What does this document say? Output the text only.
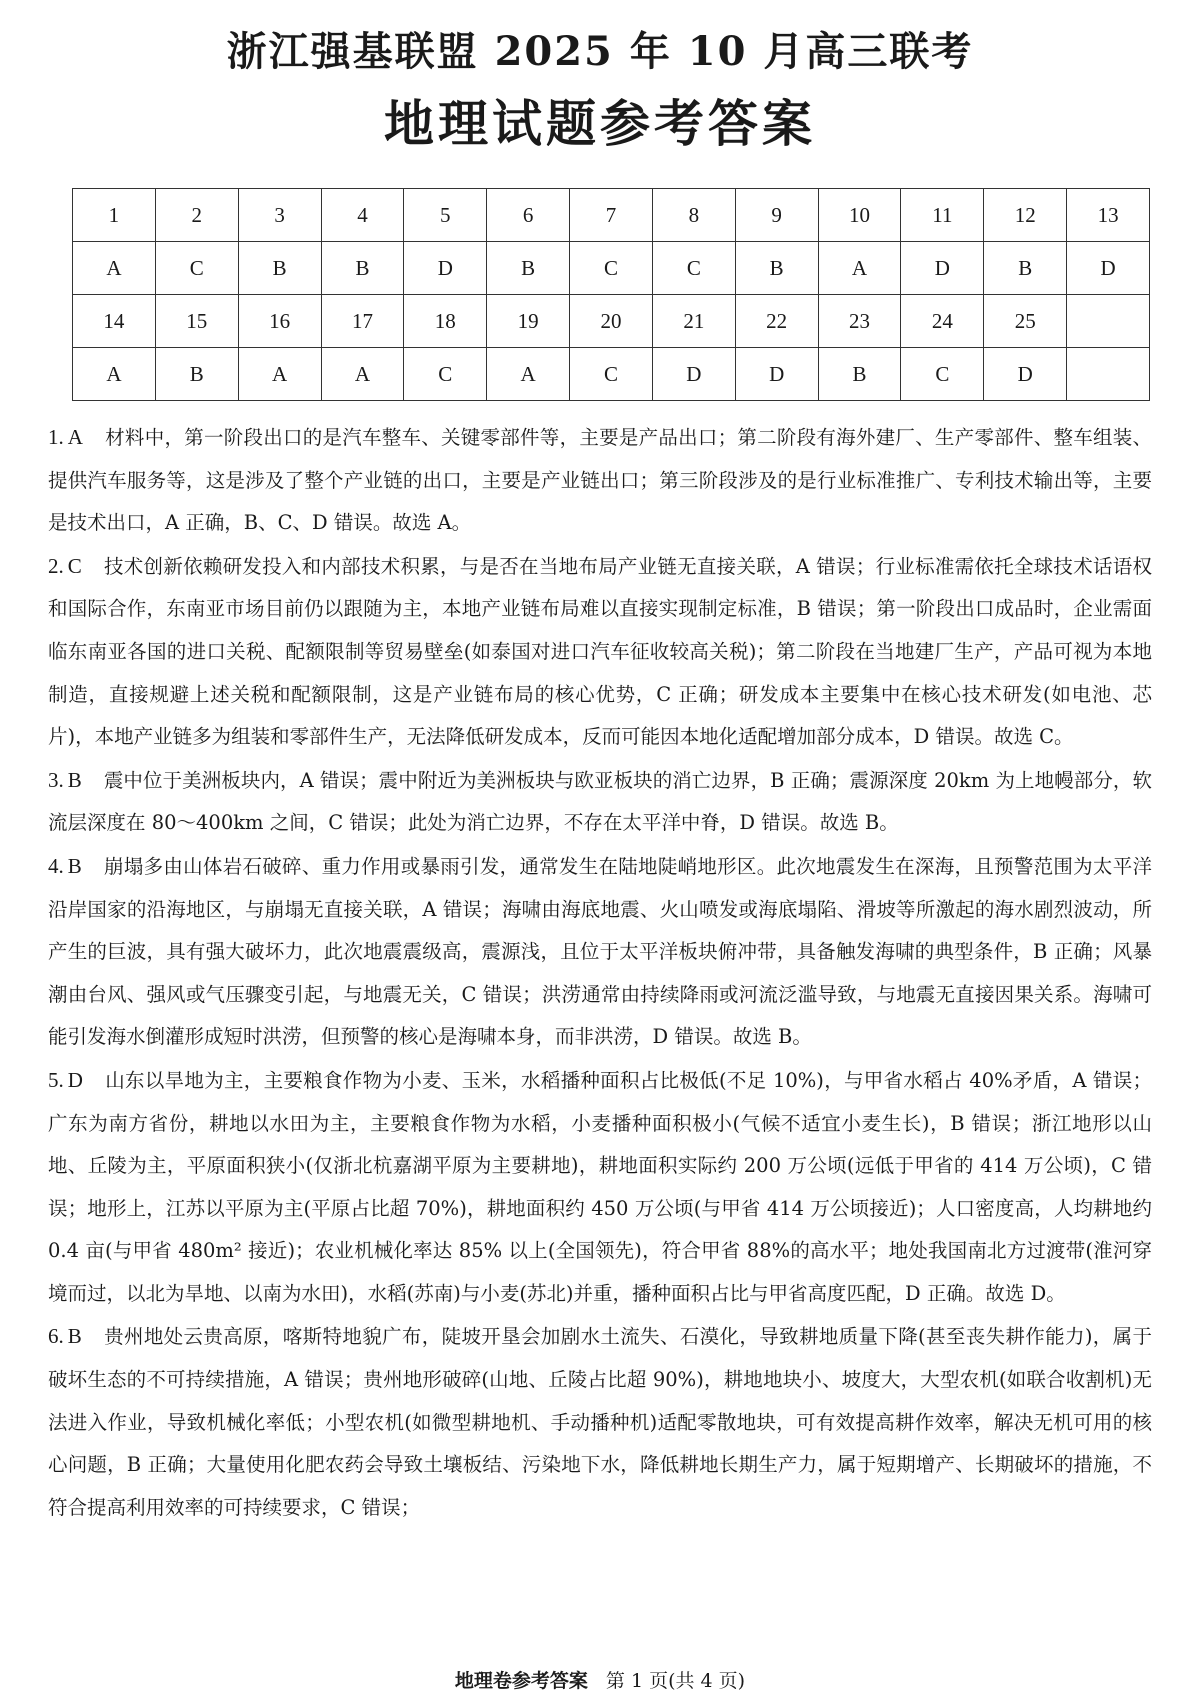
浙江强基联盟 2025 年 10 月高三联考
地理试题参考答案
1	2	3	4	5	6	7	8	9	10	11	12	13
A	C	B	B	D	B	C	C	B	A	D	B	D
14	15	16	17	18	19	20	21	22	23	24	25	
A	B	A	A	C	A	C	D	D	B	C	D	

1. A 材料中，第一阶段出口的是汽车整车、关键零部件等，主要是产品出口；第二阶段有海外建厂、生产零部件、整车组装、提供汽车服务等，这是涉及了整个产业链的出口，主要是产业链出口；第三阶段涉及的是行业标准推广、专利技术输出等，主要是技术出口，A 正确，B、C、D 错误。故选 A。

2. C 技术创新依赖研发投入和内部技术积累，与是否在当地布局产业链无直接关联，A 错误；行业标准需依托全球技术话语权和国际合作，东南亚市场目前仍以跟随为主，本地产业链布局难以直接实现制定标准，B 错误；第一阶段出口成品时，企业需面临东南亚各国的进口关税、配额限制等贸易壁垒(如泰国对进口汽车征收较高关税)；第二阶段在当地建厂生产，产品可视为本地制造，直接规避上述关税和配额限制，这是产业链布局的核心优势，C 正确；研发成本主要集中在核心技术研发(如电池、芯片)，本地产业链多为组装和零部件生产，无法降低研发成本，反而可能因本地化适配增加部分成本，D 错误。故选 C。

3. B 震中位于美洲板块内，A 错误；震中附近为美洲板块与欧亚板块的消亡边界，B 正确；震源深度 20km 为上地幔部分，软流层深度在 80～400km 之间，C 错误；此处为消亡边界，不存在太平洋中脊，D 错误。故选 B。

4. B 崩塌多由山体岩石破碎、重力作用或暴雨引发，通常发生在陆地陡峭地形区。此次地震发生在深海，且预警范围为太平洋沿岸国家的沿海地区，与崩塌无直接关联，A 错误；海啸由海底地震、火山喷发或海底塌陷、滑坡等所激起的海水剧烈波动，所产生的巨波，具有强大破坏力，此次地震震级高，震源浅，且位于太平洋板块俯冲带，具备触发海啸的典型条件，B 正确；风暴潮由台风、强风或气压骤变引起，与地震无关，C 错误；洪涝通常由持续降雨或河流泛滥导致，与地震无直接因果关系。海啸可能引发海水倒灌形成短时洪涝，但预警的核心是海啸本身，而非洪涝，D 错误。故选 B。

5. D 山东以旱地为主，主要粮食作物为小麦、玉米，水稻播种面积占比极低(不足 10%)，与甲省水稻占 40%矛盾，A 错误；广东为南方省份，耕地以水田为主，主要粮食作物为水稻，小麦播种面积极小(气候不适宜小麦生长)，B 错误；浙江地形以山地、丘陵为主，平原面积狭小(仅浙北杭嘉湖平原为主要耕地)，耕地面积实际约 200 万公顷(远低于甲省的 414 万公顷)，C 错误；地形上，江苏以平原为主(平原占比超 70%)，耕地面积约 450 万公顷(与甲省 414 万公顷接近)；人口密度高，人均耕地约 0.4 亩(与甲省 480m² 接近)；农业机械化率达 85% 以上(全国领先)，符合甲省 88%的高水平；地处我国南北方过渡带(淮河穿境而过，以北为旱地、以南为水田)，水稻(苏南)与小麦(苏北)并重，播种面积占比与甲省高度匹配，D 正确。故选 D。

6. B 贵州地处云贵高原，喀斯特地貌广布，陡坡开垦会加剧水土流失、石漠化，导致耕地质量下降(甚至丧失耕作能力)，属于破坏生态的不可持续措施，A 错误；贵州地形破碎(山地、丘陵占比超 90%)，耕地地块小、坡度大，大型农机(如联合收割机)无法进入作业，导致机械化率低；小型农机(如微型耕地机、手动播种机)适配零散地块，可有效提高耕作效率，解决无机可用的核心问题，B 正确；大量使用化肥农药会导致土壤板结、污染地下水，降低耕地长期生产力，属于短期增产、长期破坏的措施，不符合提高利用效率的可持续要求，C 错误；

地理卷参考答案 第 1 页(共 4 页)
